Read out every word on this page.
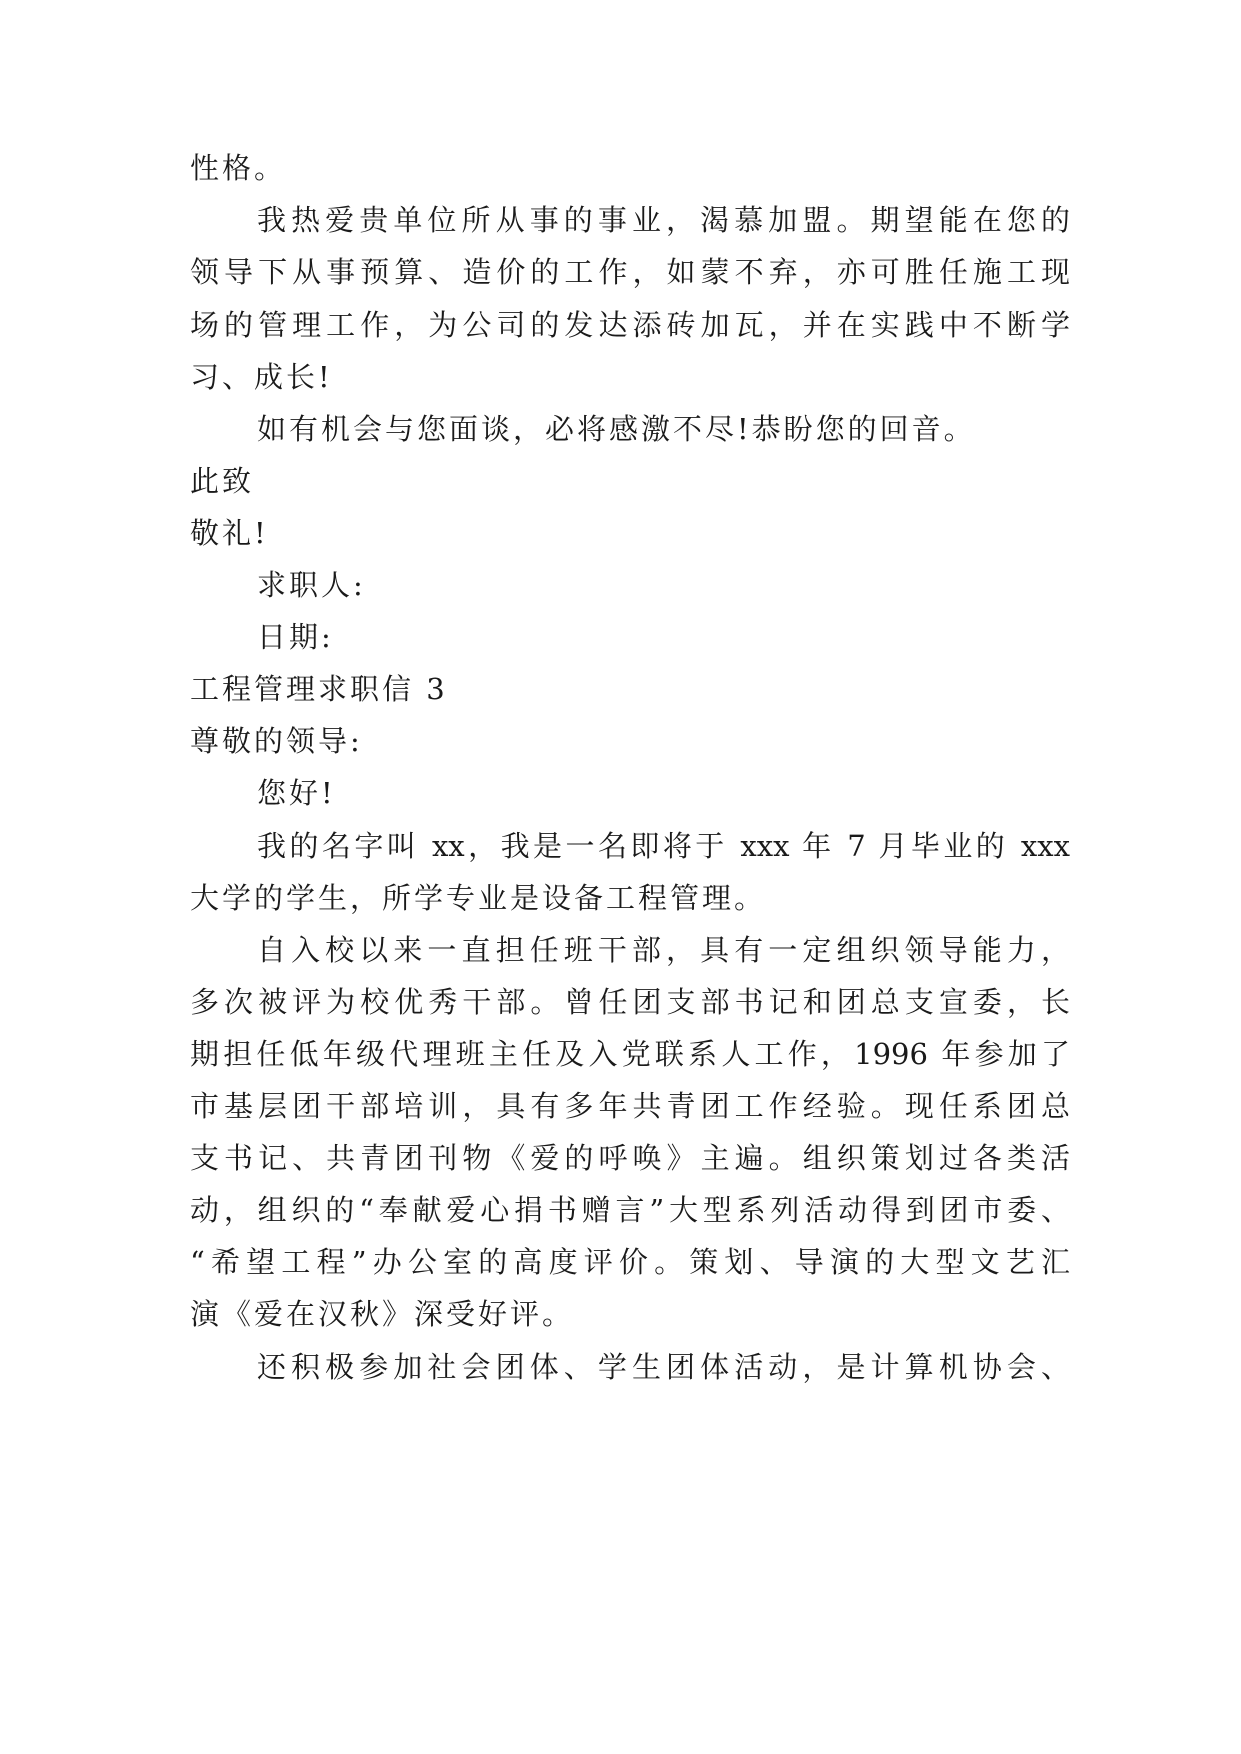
性格。
我热爱贵单位所从事的事业，渴慕加盟。期望能在您的
领导下从事预算、造价的工作，如蒙不弃，亦可胜任施工现
场的管理工作，为公司的发达添砖加瓦，并在实践中不断学
习、成长!
如有机会与您面谈，必将感激不尽!恭盼您的回音。
此致
敬礼!
求职人:
日期:
工程管理求职信 3
尊敬的领导:
您好!
我的名字叫 xx，我是一名即将于 xxx 年 7 月毕业的 xxx
大学的学生，所学专业是设备工程管理。
自入校以来一直担任班干部，具有一定组织领导能力，
多次被评为校优秀干部。曾任团支部书记和团总支宣委，长
期担任低年级代理班主任及入党联系人工作，1996 年参加了
市基层团干部培训，具有多年共青团工作经验。现任系团总
支书记、共青团刊物《爱的呼唤》主遍。组织策划过各类活
动，组织的“奉献爱心捐书赠言”大型系列活动得到团市委、
“希望工程”办公室的高度评价。策划、导演的大型文艺汇
演《爱在汉秋》深受好评。
还积极参加社会团体、学生团体活动，是计算机协会、
